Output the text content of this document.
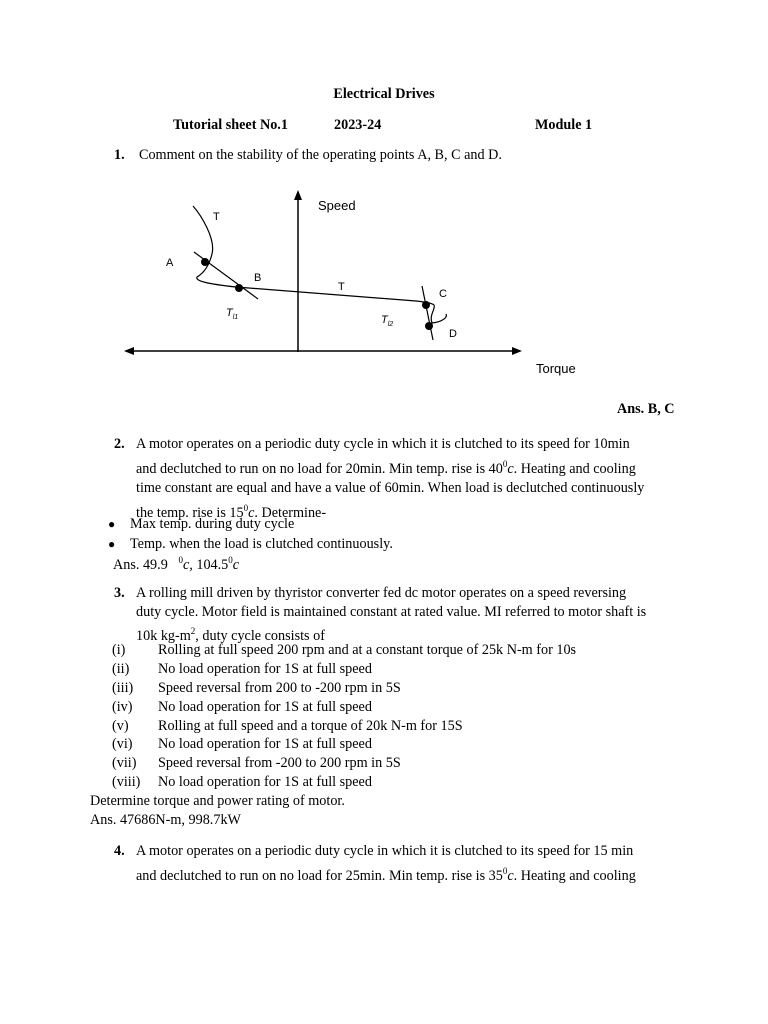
Electrical Drives
Tutorial sheet No.1	2023-24	Module 1
1. Comment on the stability of the operating points A, B, C and D.
Speed
Torque
A
B
C
D
T
T
$T_{l1}$	$T_{l2}$
Ans. B, C
2. A motor operates on a periodic duty cycle in which it is clutched to its speed for 10min
and declutched to run on no load for 20min. Min temp. rise is $40^0c$. Heating and cooling
time constant are equal and have a value of 60min. When load is declutched continuously
the temp. rise is $15^0c$. Determine-
● Max temp. during duty cycle
● Temp. when the load is clutched continuously.
Ans. 49.9 $^0$c, 104.5$^0$c
3. A rolling mill driven by thyristor converter fed dc motor operates on a speed reversing
duty cycle. Motor field is maintained constant at rated value. MI referred to motor shaft is
10k $kg-m^2$, duty cycle consists of
(i) Rolling at full speed 200 rpm and at a constant torque of 25k N-m for 10s
(ii) No load operation for 1S at full speed
(iii) Speed reversal from 200 to -200 rpm in 5S
(iv) No load operation for 1S at full speed
(v) Rolling at full speed and a torque of 20k N-m for 15S
(vi) No load operation for 1S at full speed
(vii) Speed reversal from -200 to 200 rpm in 5S
(viii) No load operation for 1S at full speed
Determine torque and power rating of motor.
Ans. 47686N-m, 998.7kW
4. A motor operates on a periodic duty cycle in which it is clutched to its speed for 15 min
and declutched to run on no load for 25min. Min temp. rise is $35^0c$. Heating and cooling
